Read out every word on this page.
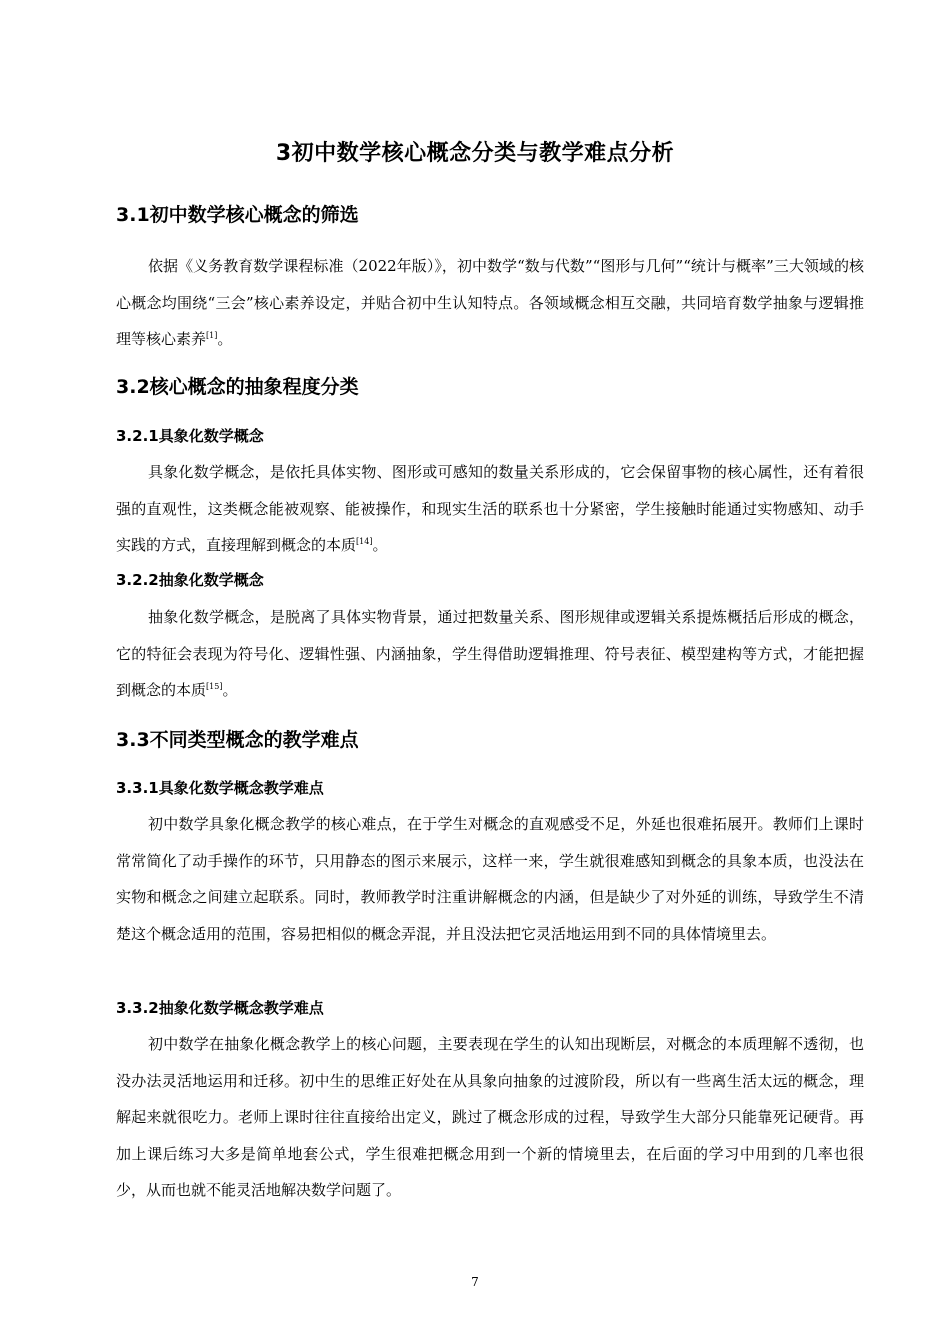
3初中数学核心概念分类与教学难点分析
3.1初中数学核心概念的筛选

依据《义务教育数学课程标准（2022年版）》，初中数学“数与代数”“图形与几何”“统计与概率”三大领域的核心概念均围绕“三会”核心素养设定，并贴合初中生认知特点。各领域概念相互交融，共同培育数学抽象与逻辑推理等核心素养[1]。

3.2核心概念的抽象程度分类
3.2.1具象化数学概念

具象化数学概念，是依托具体实物、图形或可感知的数量关系形成的，它会保留事物的核心属性，还有着很强的直观性，这类概念能被观察、能被操作，和现实生活的联系也十分紧密，学生接触时能通过实物感知、动手实践的方式，直接理解到概念的本质[14]。

3.2.2抽象化数学概念

抽象化数学概念，是脱离了具体实物背景，通过把数量关系、图形规律或逻辑关系提炼概括后形成的概念，它的特征会表现为符号化、逻辑性强、内涵抽象，学生得借助逻辑推理、符号表征、模型建构等方式，才能把握到概念的本质[15]。

3.3不同类型概念的教学难点
3.3.1具象化数学概念教学难点

初中数学具象化概念教学的核心难点，在于学生对概念的直观感受不足，外延也很难拓展开。教师们上课时常常简化了动手操作的环节，只用静态的图示来展示，这样一来，学生就很难感知到概念的具象本质，也没法在实物和概念之间建立起联系。同时，教师教学时注重讲解概念的内涵，但是缺少了对外延的训练，导致学生不清楚这个概念适用的范围，容易把相似的概念弄混，并且没法把它灵活地运用到不同的具体情境里去。

3.3.2抽象化数学概念教学难点

初中数学在抽象化概念教学上的核心问题，主要表现在学生的认知出现断层，对概念的本质理解不透彻，也没办法灵活地运用和迁移。初中生的思维正好处在从具象向抽象的过渡阶段，所以有一些离生活太远的概念，理解起来就很吃力。老师上课时往往直接给出定义，跳过了概念形成的过程，导致学生大部分只能靠死记硬背。再加上课后练习大多是简单地套公式，学生很难把概念用到一个新的情境里去，在后面的学习中用到的几率也很少，从而也就不能灵活地解决数学问题了。

7
